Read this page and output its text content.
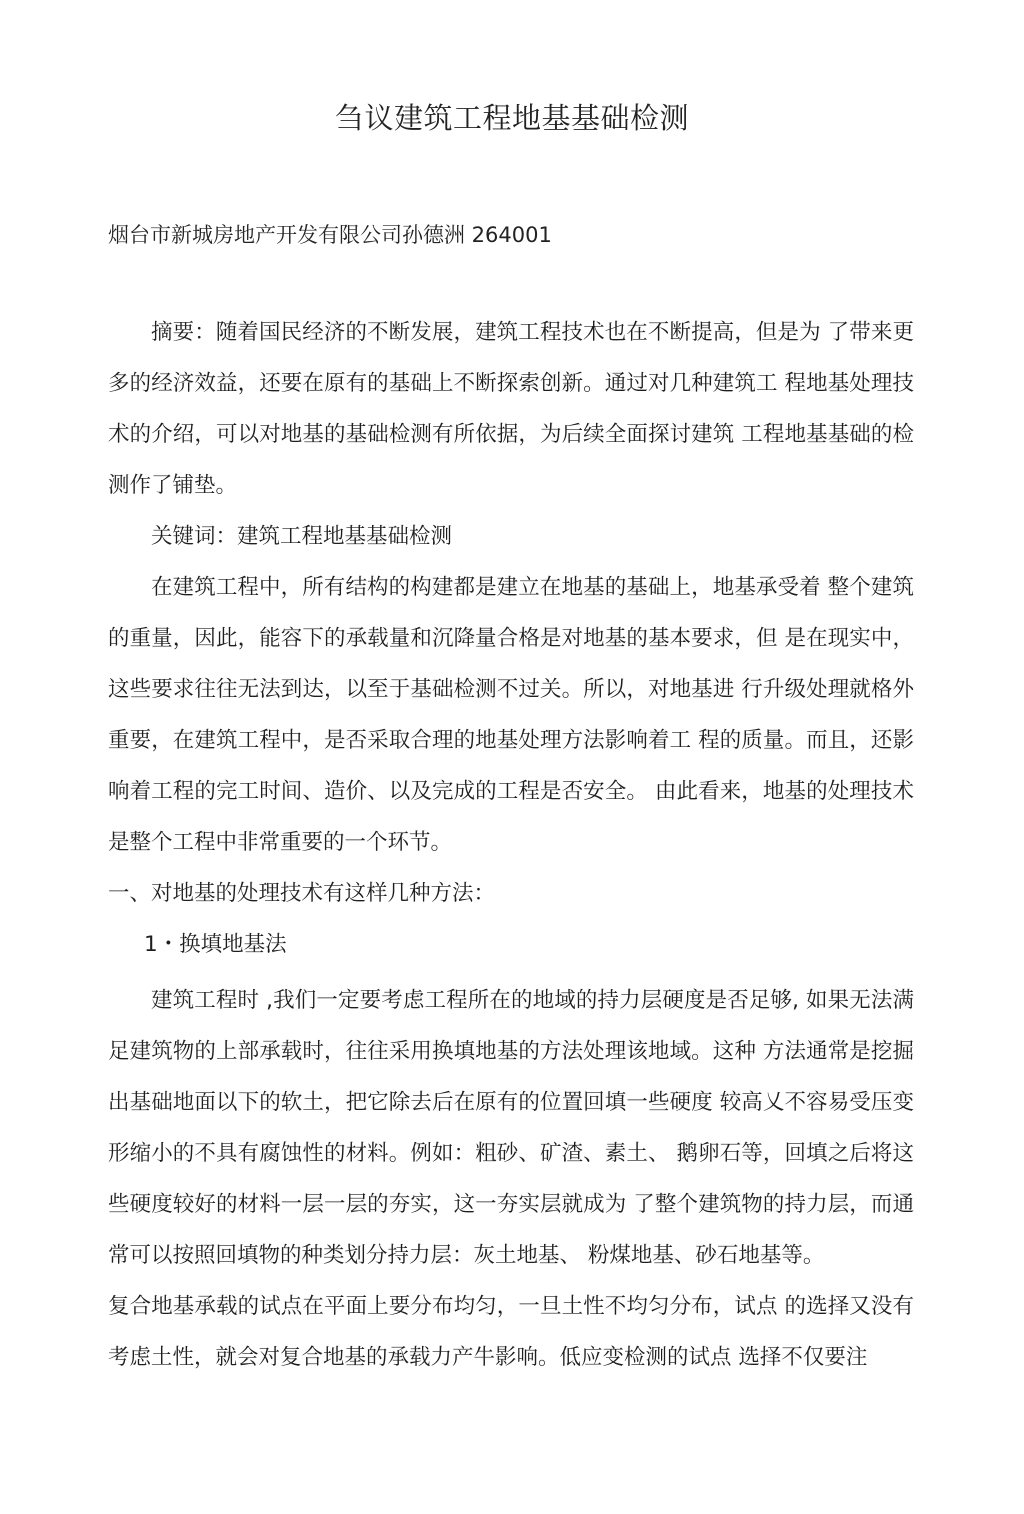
刍议建筑工程地基基础检测
烟台市新城房地产开发有限公司孙德洲 264001

摘要：随着国民经济的不断发展，建筑工程技术也在不断提高，但是为 了带来更多的经济效益，还要在原有的基础上不断探索创新。通过对几种建筑工 程地基处理技术的介绍，可以对地基的基础检测有所依据，为后续全面探讨建筑 工程地基基础的检测作了铺垫。

关键词：建筑工程地基基础检测

在建筑工程中，所有结构的构建都是建立在地基的基础上，地基承受着 整个建筑的重量，因此，能容下的承载量和沉降量合格是对地基的基本要求，但 是在现实中，这些要求往往无法到达，以至于基础检测不过关。所以，对地基进 行升级处理就格外重要，在建筑工程中，是否采取合理的地基处理方法影响着工 程的质量。而且，还影响着工程的完工时间、造价、以及完成的工程是否安全。 由此看来，地基的处理技术是整个工程中非常重要的一个环节。

一、对地基的处理技术有这样几种方法：

1・换填地基法

建筑工程时 ,我们一定要考虑工程所在的地域的持力层硬度是否足够, 如果无法满足建筑物的上部承载时，往往采用换填地基的方法处理该地域。这种 方法通常是挖掘出基础地面以下的软土，把它除去后在原有的位置回填一些硬度 较高乂不容易受压变形缩小的不具有腐蚀性的材料。例如：粗砂、矿渣、素土、 鹅卵石等，回填之后将这些硬度较好的材料一层一层的夯实，这一夯实层就成为 了整个建筑物的持力层，而通常可以按照回填物的种类划分持力层：灰土地基、 粉煤地基、砂石地基等。

复合地基承载的试点在平面上要分布均匀，一旦土性不均匀分布，试点 的选择又没有考虑土性，就会对复合地基的承载力产牛影响。低应变检测的试点 选择不仅要注
